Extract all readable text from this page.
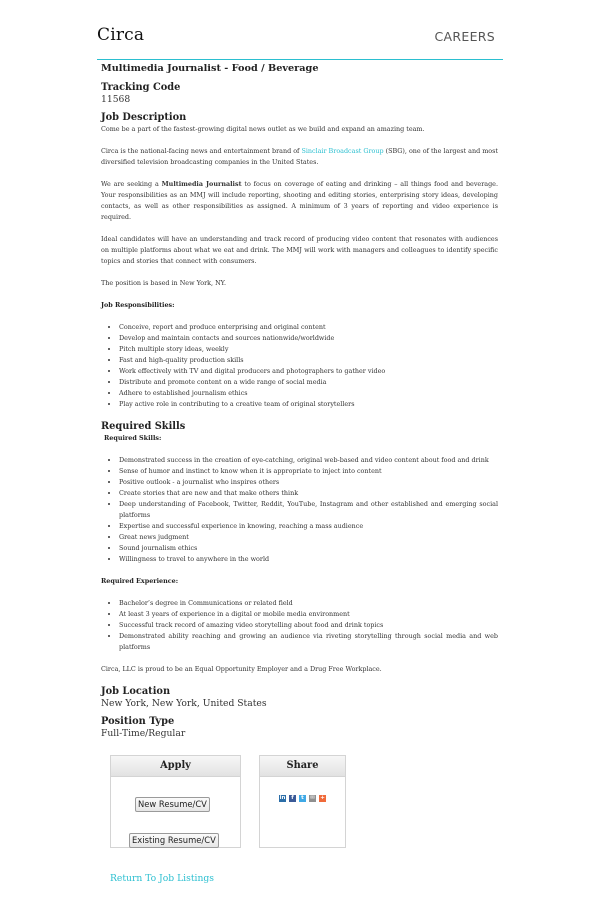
Circa	CAREERS
Multimedia Journalist - Food / Beverage
Tracking Code
11568
Job Description

Come be a part of the fastest-growing digital news outlet as we build and expand an amazing team.

Circa is the national-facing news and entertainment brand of Sinclair Broadcast Group (SBG), one of the largest and most diversified television broadcasting companies in the United States.

We are seeking a Multimedia Journalist to focus on coverage of eating and drinking – all things food and beverage. Your responsibilities as an MMJ will include reporting, shooting and editing stories, enterprising story ideas, developing contacts, as well as other responsibilities as assigned. A minimum of 3 years of reporting and video experience is required.

Ideal candidates will have an understanding and track record of producing video content that resonates with audiences on multiple platforms about what we eat and drink. The MMJ will work with managers and colleagues to identify specific topics and stories that connect with consumers.

The position is based in New York, NY.

Job Responsibilities:
• Conceive, report and produce enterprising and original content
• Develop and maintain contacts and sources nationwide/worldwide
• Pitch multiple story ideas, weekly
• Fast and high-quality production skills
• Work effectively with TV and digital producers and photographers to gather video
• Distribute and promote content on a wide range of social media
• Adhere to established journalism ethics
• Play active role in contributing to a creative team of original storytellers
Required Skills
Required Skills:
• Demonstrated success in the creation of eye-catching, original web-based and video content about food and drink
• Sense of humor and instinct to know when it is appropriate to inject into content
• Positive outlook - a journalist who inspires others
• Create stories that are new and that make others think
• Deep understanding of Facebook, Twitter, Reddit, YouTube, Instagram and other established and emerging social platforms
• Expertise and successful experience in knowing, reaching a mass audience
• Great news judgment
• Sound journalism ethics
• Willingness to travel to anywhere in the world
Required Experience:
• Bachelor’s degree in Communications or related field
• At least 3 years of experience in a digital or mobile media environment
• Successful track record of amazing video storytelling about food and drink topics
• Demonstrated ability reaching and growing an audience via riveting storytelling through social media and web platforms

Circa, LLC is proud to be an Equal Opportunity Employer and a Drug Free Workplace.

Job Location
New York, New York, United States
Position Type
Full-Time/Regular
Apply
New Resume/CV
Existing Resume/CV
Share
in f t ✉ +
Return To Job Listings
